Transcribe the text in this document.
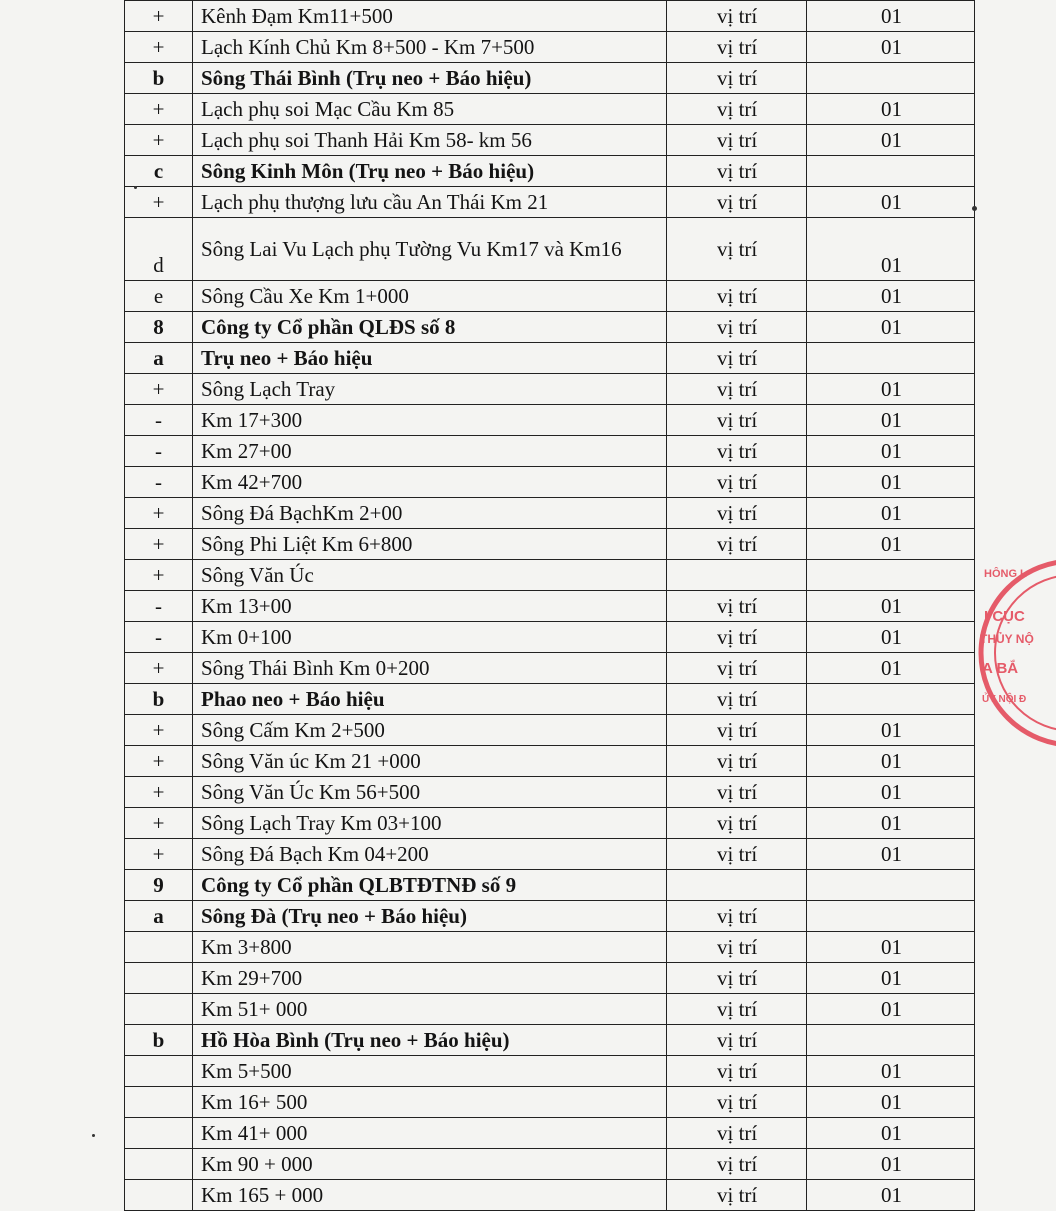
+	Kênh Đạm Km11+500	vị trí	01
+	Lạch Kính Chủ Km 8+500 - Km 7+500	vị trí	01
b	Sông Thái Bình (Trụ neo + Báo hiệu)	vị trí	
+	Lạch phụ soi Mạc Cầu Km 85	vị trí	01
+	Lạch phụ soi Thanh Hải Km 58- km 56	vị trí	01
c	Sông Kinh Môn (Trụ neo + Báo hiệu)	vị trí	
+	Lạch phụ thượng lưu cầu An Thái Km 21	vị trí	01
d	Sông Lai Vu Lạch phụ Tường Vu Km17 và Km16	vị trí	01
e	Sông Cầu Xe Km 1+000	vị trí	01
8	Công ty Cổ phần QLĐS số 8	vị trí	01
a	Trụ neo + Báo hiệu	vị trí	
+	Sông Lạch Tray	vị trí	01
-	Km 17+300	vị trí	01
-	Km 27+00	vị trí	01
-	Km 42+700	vị trí	01
+	Sông Đá BạchKm 2+00	vị trí	01
+	Sông Phi Liệt Km 6+800	vị trí	01
+	Sông Văn Úc		
-	Km 13+00	vị trí	01
-	Km 0+100	vị trí	01
+	Sông Thái Bình Km 0+200	vị trí	01
b	Phao neo + Báo hiệu	vị trí	
+	Sông Cấm Km 2+500	vị trí	01
+	Sông Văn úc Km 21 +000	vị trí	01
+	Sông Văn Úc Km 56+500	vị trí	01
+	Sông Lạch Tray Km 03+100	vị trí	01
+	Sông Đá Bạch Km 04+200	vị trí	01
9	Công ty Cổ phần QLBTĐTNĐ số 9		
a	Sông Đà (Trụ neo + Báo hiệu)	vị trí	
	Km 3+800	vị trí	01
	Km 29+700	vị trí	01
	Km 51+ 000	vị trí	01
b	Hồ Hòa Bình (Trụ neo + Báo hiệu)	vị trí	
	Km 5+500	vị trí	01
	Km 16+ 500	vị trí	01
	Km 41+ 000	vị trí	01
	Km 90 + 000	vị trí	01
	Km 165 + 000	vị trí	01
HÔNG L
I CỤC
THỦY NỘ
A BẮ
ỦY NỘI Đ
